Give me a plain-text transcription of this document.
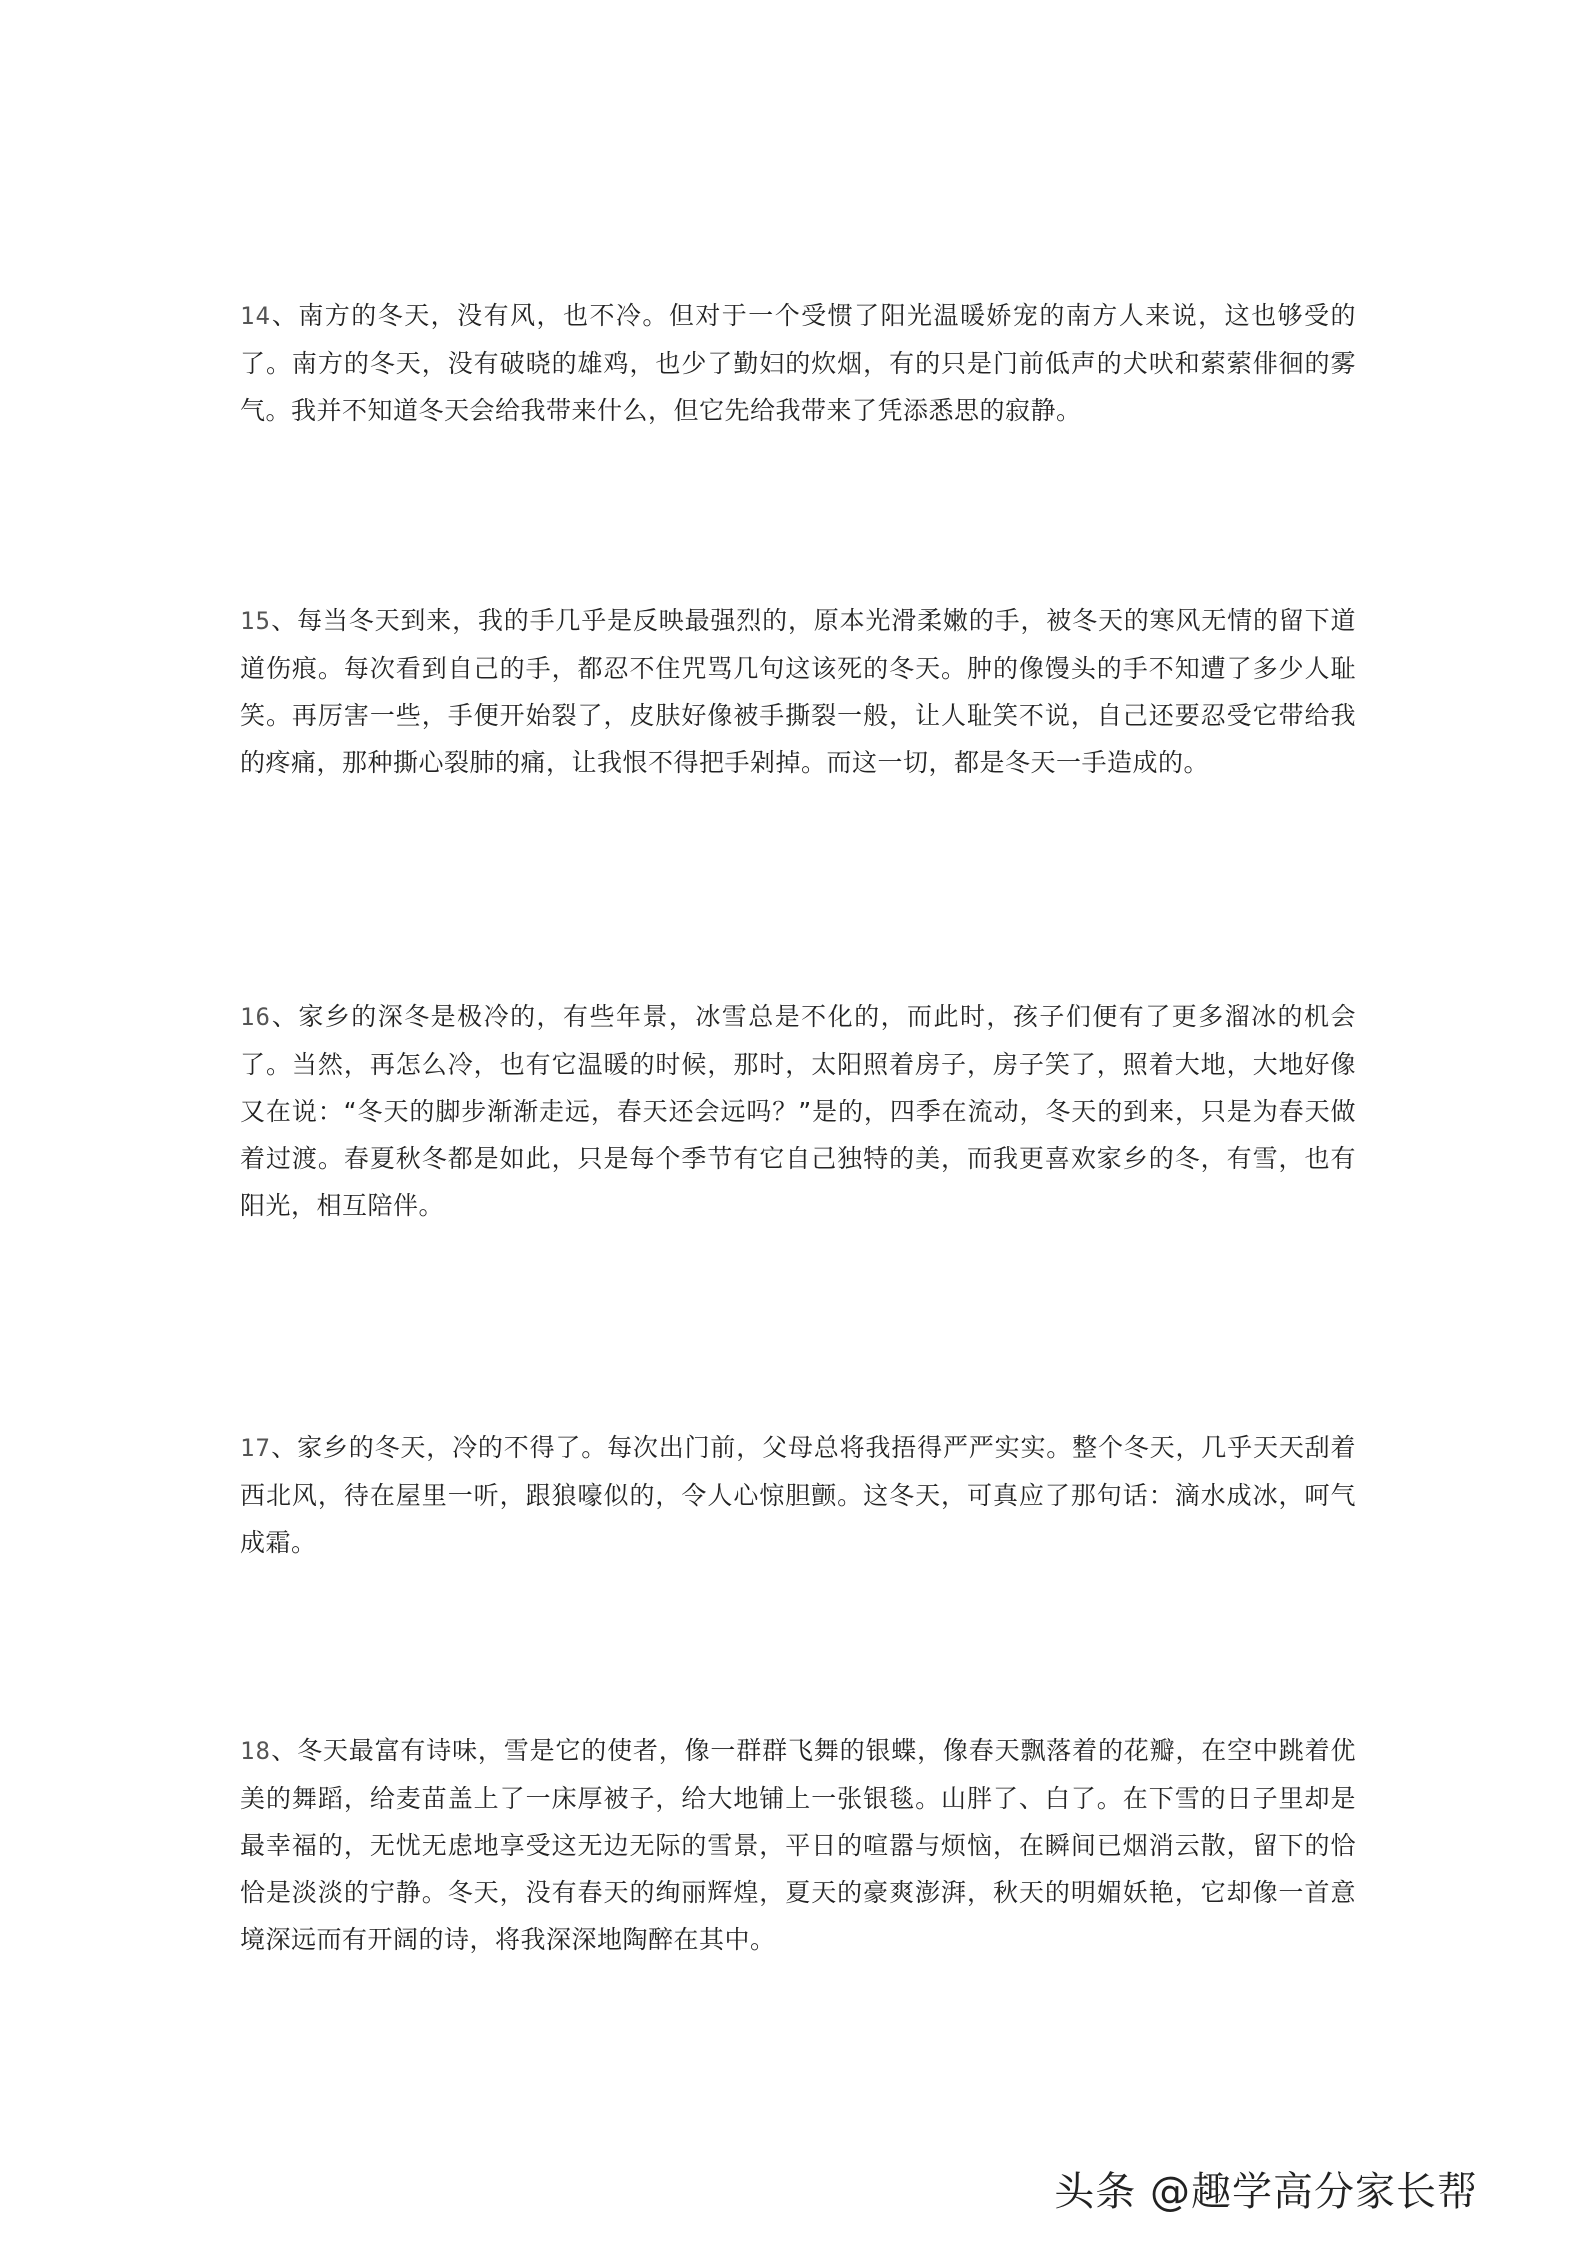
14、南方的冬天，没有风，也不冷。但对于一个受惯了阳光温暖娇宠的南方人来说，这也够受的了。南方的冬天，没有破晓的雄鸡，也少了勤妇的炊烟，有的只是门前低声的犬吠和萦萦俳徊的雾气。我并不知道冬天会给我带来什么，但它先给我带来了凭添悉思的寂静。

15、每当冬天到来，我的手几乎是反映最强烈的，原本光滑柔嫩的手，被冬天的寒风无情的留下道道伤痕。每次看到自己的手，都忍不住咒骂几句这该死的冬天。肿的像馒头的手不知遭了多少人耻笑。再厉害一些，手便开始裂了，皮肤好像被手撕裂一般，让人耻笑不说，自己还要忍受它带给我的疼痛，那种撕心裂肺的痛，让我恨不得把手剁掉。而这一切，都是冬天一手造成的。

16、家乡的深冬是极冷的，有些年景，冰雪总是不化的，而此时，孩子们便有了更多溜冰的机会了。当然，再怎么冷，也有它温暖的时候，那时，太阳照着房子，房子笑了，照着大地，大地好像又在说：“冬天的脚步渐渐走远，春天还会远吗？”是的，四季在流动，冬天的到来，只是为春天做着过渡。春夏秋冬都是如此，只是每个季节有它自己独特的美，而我更喜欢家乡的冬，有雪，也有阳光，相互陪伴。

17、家乡的冬天，冷的不得了。每次出门前，父母总将我捂得严严实实。整个冬天，几乎天天刮着西北风，待在屋里一听，跟狼嚎似的，令人心惊胆颤。这冬天，可真应了那句话：滴水成冰，呵气成霜。

18、冬天最富有诗味，雪是它的使者，像一群群飞舞的银蝶，像春天飘落着的花瓣，在空中跳着优美的舞蹈，给麦苗盖上了一床厚被子，给大地铺上一张银毯。山胖了、白了。在下雪的日子里却是最幸福的，无忧无虑地享受这无边无际的雪景，平日的喧嚣与烦恼，在瞬间已烟消云散，留下的恰恰是淡淡的宁静。冬天，没有春天的绚丽辉煌，夏天的豪爽澎湃，秋天的明媚妖艳，它却像一首意境深远而有开阔的诗，将我深深地陶醉在其中。

头条 @趣学高分家长帮
